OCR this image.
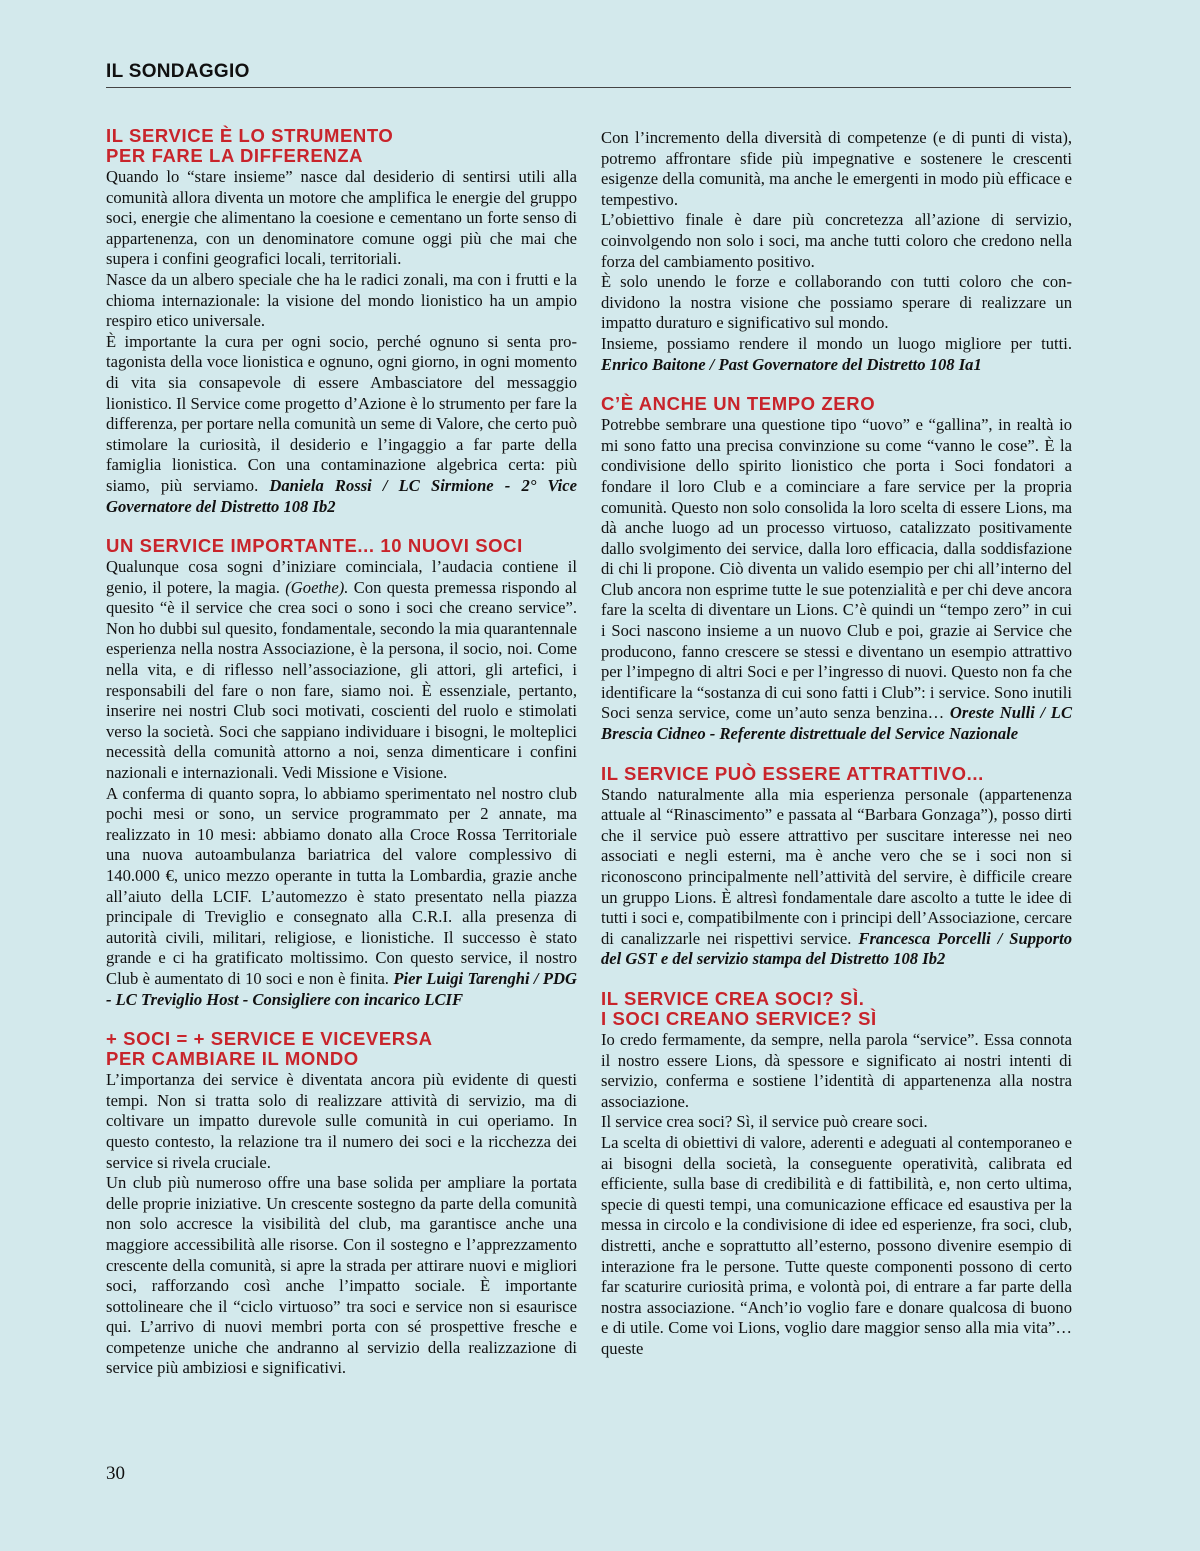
IL SONDAGGIO
IL SERVICE È LO STRUMENTO
PER FARE LA DIFFERENZA

Quando lo “stare insieme” nasce dal desiderio di sentirsi utili alla comunità allora diventa un motore che amplifica le energie del gruppo soci, energie che alimentano la coesione e cementano un forte senso di appartenenza, con un denominatore comune oggi più che mai che supera i confini geografici locali, territoriali.

Nasce da un albero speciale che ha le radici zonali, ma con i frutti e la chioma internazionale: la visione del mondo lionistico ha un ampio respiro etico universale.

È importante la cura per ogni socio, perché ognuno si senta protagonista della voce lionistica e ognuno, ogni giorno, in ogni momento di vita sia consapevole di essere Ambasciatore del messaggio lionistico. Il Service come progetto d’Azione è lo strumento per fare la differenza, per portare nella comunità un seme di Valore, che certo può stimolare la curiosità, il desiderio e l’ingaggio a far parte della famiglia lionistica. Con una contaminazione algebrica certa: più siamo, più serviamo. Daniela Rossi / LC Sirmione - 2° Vice Governatore del Distretto 108 Ib2

UN SERVICE IMPORTANTE... 10 NUOVI SOCI

Qualunque cosa sogni d’iniziare cominciala, l’audacia contiene il genio, il potere, la magia. (Goethe). Con questa premessa rispondo al quesito “è il service che crea soci o sono i soci che creano service”. Non ho dubbi sul quesito, fondamentale, secondo la mia quarantennale esperienza nella nostra Associazione, è la persona, il socio, noi. Come nella vita, e di riflesso nell’associazione, gli attori, gli artefici, i responsabili del fare o non fare, siamo noi. È essenziale, pertanto, inserire nei nostri Club soci motivati, coscienti del ruolo e stimolati verso la società. Soci che sappiano individuare i bisogni, le molteplici necessità della comunità attorno a noi, senza dimenticare i confini nazionali e internazionali. Vedi Missione e Visione.

A conferma di quanto sopra, lo abbiamo sperimentato nel nostro club pochi mesi or sono, un service programmato per 2 annate, ma realizzato in 10 mesi: abbiamo donato alla Croce Rossa Territoriale una nuova autoambulanza bariatrica del valore complessivo di 140.000 €, unico mezzo operante in tutta la Lombardia, grazie anche all’aiuto della LCIF. L’automezzo è stato presentato nella piazza principale di Treviglio e consegnato alla C.R.I. alla presenza di autorità civili, militari, religiose, e lionistiche. Il successo è stato grande e ci ha gratificato moltissimo. Con questo service, il nostro Club è aumentato di 10 soci e non è finita. Pier Luigi Tarenghi / PDG - LC Treviglio Host - Consigliere con incarico LCIF

+ SOCI = + SERVICE E VICEVERSA
PER CAMBIARE IL MONDO

L’importanza dei service è diventata ancora più evidente di questi tempi. Non si tratta solo di realizzare attività di servizio, ma di coltivare un impatto durevole sulle comunità in cui operiamo. In questo contesto, la relazione tra il numero dei soci e la ricchezza dei service si rivela cruciale.

Un club più numeroso offre una base solida per ampliare la portata delle proprie iniziative. Un crescente sostegno da parte della comunità non solo accresce la visibilità del club, ma garantisce anche una maggiore accessibilità alle risorse. Con il sostegno e l’apprezzamento crescente della comunità, si apre la strada per attirare nuovi e migliori soci, rafforzando così anche l’impatto sociale. È importante sottolineare che il “ciclo virtuoso” tra soci e service non si esaurisce qui. L’arrivo di nuovi membri porta con sé prospettive fresche e competenze uniche che andranno al servizio della realizzazione di service più ambiziosi e significativi.

Con l’incremento della diversità di competenze (e di punti di vista), potremo affrontare sfide più impegnative e sostenere le crescenti esigenze della comunità, ma anche le emergenti in modo più efficace e tempestivo.

L’obiettivo finale è dare più concretezza all’azione di servizio, coinvolgendo non solo i soci, ma anche tutti coloro che credono nella forza del cambiamento positivo.

È solo unendo le forze e collaborando con tutti coloro che condividono la nostra visione che possiamo sperare di realizzare un impatto duraturo e significativo sul mondo.

Insieme, possiamo rendere il mondo un luogo migliore per tutti. Enrico Baitone / Past Governatore del Distretto 108 Ia1

C’È ANCHE UN TEMPO ZERO

Potrebbe sembrare una questione tipo “uovo” e “gallina”, in realtà io mi sono fatto una precisa convinzione su come “vanno le cose”. È la condivisione dello spirito lionistico che porta i Soci fondatori a fondare il loro Club e a cominciare a fare service per la propria comunità. Questo non solo consolida la loro scelta di essere Lions, ma dà anche luogo ad un processo virtuoso, catalizzato positivamente dallo svolgimento dei service, dalla loro efficacia, dalla soddisfazione di chi li propone. Ciò diventa un valido esempio per chi all’interno del Club ancora non esprime tutte le sue potenzialità e per chi deve ancora fare la scelta di diventare un Lions. C’è quindi un “tempo zero” in cui i Soci nascono insieme a un nuovo Club e poi, grazie ai Service che producono, fanno crescere se stessi e diventano un esempio attrattivo per l’impegno di altri Soci e per l’ingresso di nuovi. Questo non fa che identificare la “sostanza di cui sono fatti i Club”: i service. Sono inutili Soci senza service, come un’auto senza benzina… Oreste Nulli / LC Brescia Cidneo - Referente distrettuale del Service Nazionale

IL SERVICE PUÒ ESSERE ATTRATTIVO...

Stando naturalmente alla mia esperienza personale (appartenenza attuale al “Rinascimento” e passata al “Barbara Gonzaga”), posso dirti che il service può essere attrattivo per suscitare interesse nei neo associati e negli esterni, ma è anche vero che se i soci non si riconoscono principalmente nell’attività del servire, è difficile creare un gruppo Lions. È altresì fondamentale dare ascolto a tutte le idee di tutti i soci e, compatibilmente con i principi dell’Associazione, cercare di canalizzarle nei rispettivi service. Francesca Porcelli / Supporto del GST e del servizio stampa del Distretto 108 Ib2

IL SERVICE CREA SOCI? SÌ.
I SOCI CREANO SERVICE? SÌ

Io credo fermamente, da sempre, nella parola “service”. Essa connota il nostro essere Lions, dà spessore e significato ai nostri intenti di servizio, conferma e sostiene l’identità di appartenenza alla nostra associazione.

Il service crea soci? Sì, il service può creare soci.

La scelta di obiettivi di valore, aderenti e adeguati al contemporaneo e ai bisogni della società, la conseguente operatività, calibrata ed efficiente, sulla base di credibilità e di fattibilità, e, non certo ultima, specie di questi tempi, una comunicazione efficace ed esaustiva per la messa in circolo e la condivisione di idee ed esperienze, fra soci, club, distretti, anche e soprattutto all’esterno, possono divenire esempio di interazione fra le persone. Tutte queste componenti possono di certo far scaturire curiosità prima, e volontà poi, di entrare a far parte della nostra associazione. “Anch’io voglio fare e donare qualcosa di buono e di utile. Come voi Lions, voglio dare maggior senso alla mia vita”… queste

30
